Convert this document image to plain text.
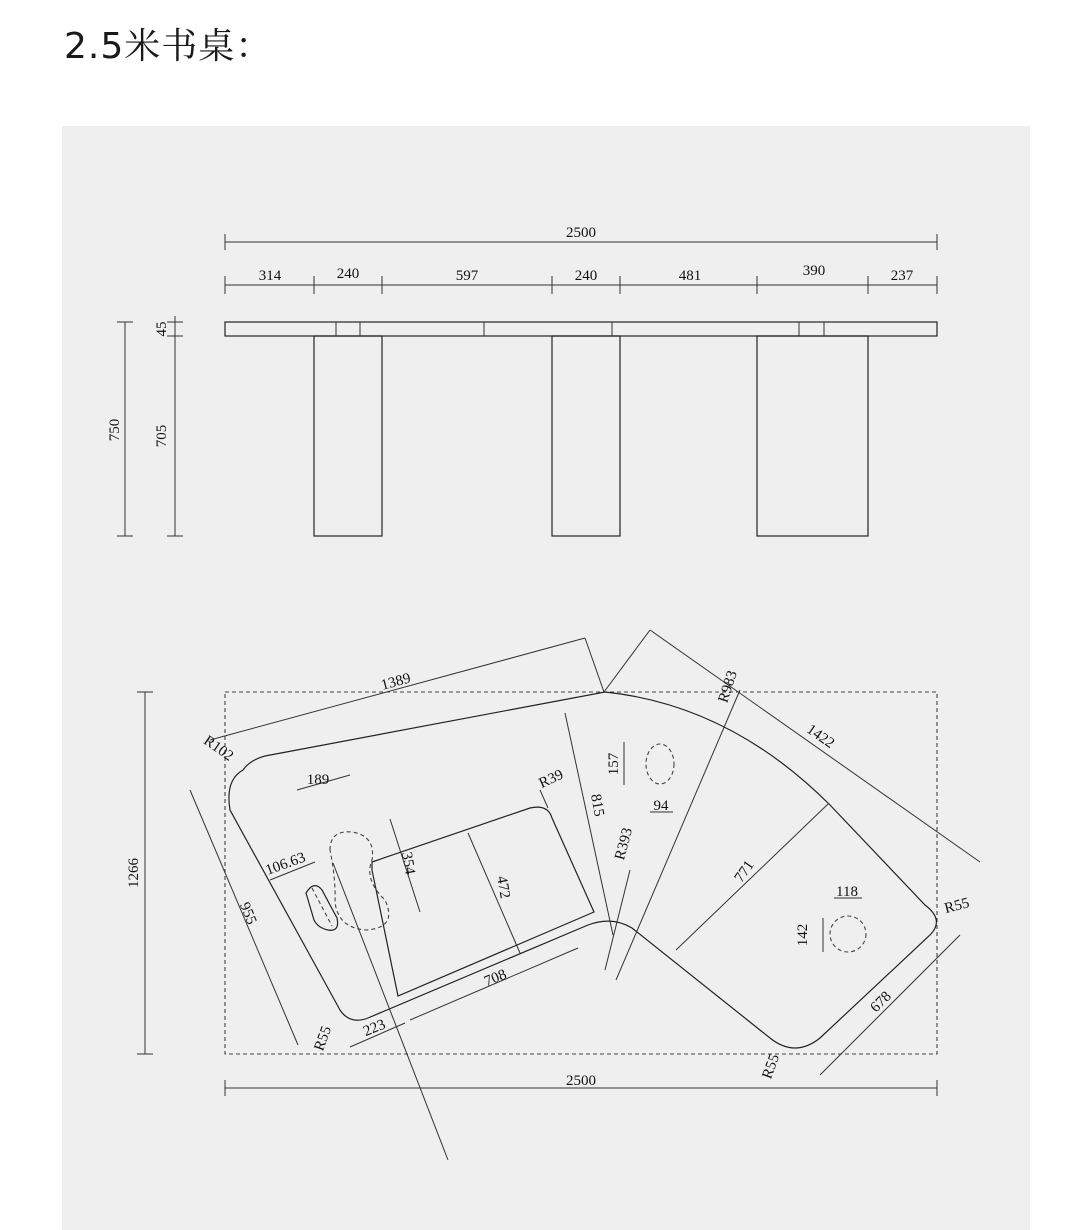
2.5米书桌：
2500
314	240	597	240	481	390	237
750
45
705
2500
1266
1389
R102
R983
1422
189	R39
815
157
94
R393
106.63	354
472
955
771
118
R55
142
708
223
R55
678
R55
